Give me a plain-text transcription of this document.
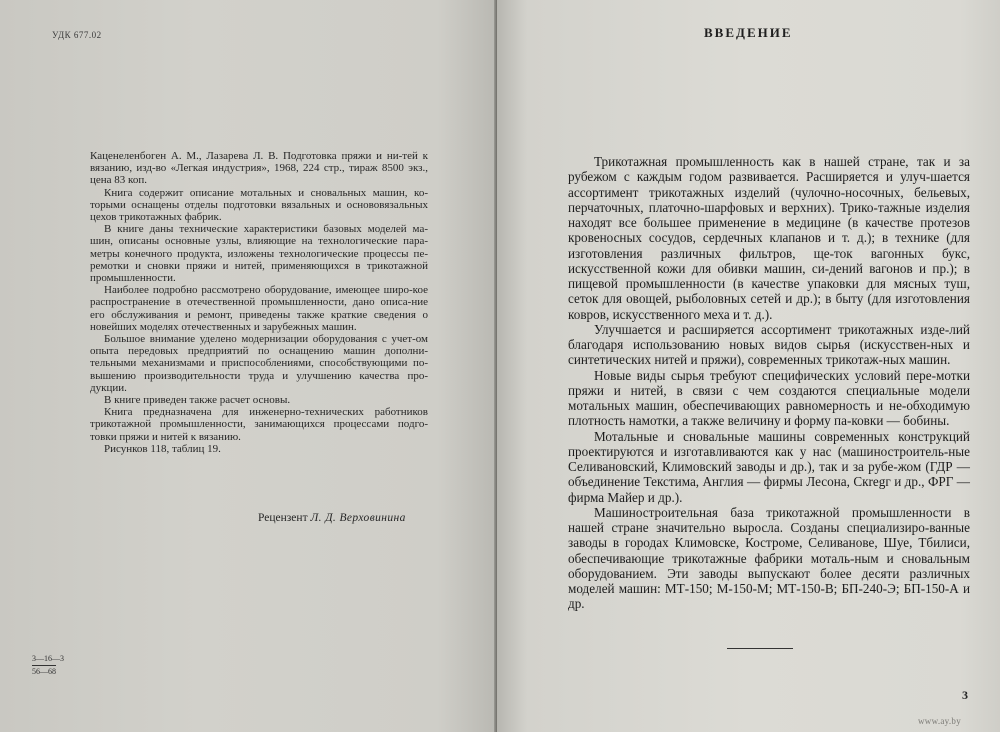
УДК 677.02

Каценеленбоген А. М., Лазарева Л. В. Подготовка пряжи и ни-тей к вязанию, изд-во «Легкая индустрия», 1968, 224 стр., тираж 8500 экз., цена 83 коп.

Книга содержит описание мотальных и сновальных машин, ко-торыми оснащены отделы подготовки вязальных и основовязальных цехов трикотажных фабрик.

В книге даны технические характеристики базовых моделей ма-шин, описаны основные узлы, влияющие на технологические пара-метры конечного продукта, изложены технологические процессы пе-ремотки и сновки пряжи и нитей, применяющихся в трикотажной промышленности.

Наиболее подробно рассмотрено оборудование, имеющее широ-кое распространение в отечественной промышленности, дано описа-ние его обслуживания и ремонт, приведены также краткие сведения о новейших моделях отечественных и зарубежных машин.

Большое внимание уделено модернизации оборудования с учет-ом опыта передовых предприятий по оснащению машин дополни-тельными механизмами и приспособлениями, способствующими по-вышению производительности труда и улучшению качества про-дукции.

В книге приведен также расчет основы.

Книга предназначена для инженерно-технических работников трикотажной промышленности, занимающихся процессами подго-товки пряжи и нитей к вязанию.

Рисунков 118, таблиц 19.

Рецензент Л. Д. Верховинина
3—16—3
56—68
ВВЕДЕНИЕ

Трикотажная промышленность как в нашей стране, так и за рубежом с каждым годом развивается. Расширяется и улуч-шается ассортимент трикотажных изделий (чулочно-носочных, бельевых, перчаточных, платочно-шарфовых и верхних). Трико-тажные изделия находят все большее применение в медицине (в качестве протезов кровеносных сосудов, сердечных клапанов и т. д.); в технике (для изготовления различных фильтров, ще-ток вагонных букс, искусственной кожи для обивки машин, си-дений вагонов и пр.); в пищевой промышленности (в качестве упаковки для мясных туш, сеток для овощей, рыболовных сетей и др.); в быту (для изготовления ковров, искусственного меха и т. д.).

Улучшается и расширяется ассортимент трикотажных изде-лий благодаря использованию новых видов сырья (искусствен-ных и синтетических нитей и пряжи), современных трикотаж-ных машин.

Новые виды сырья требуют специфических условий пере-мотки пряжи и нитей, в связи с чем создаются специальные модели мотальных машин, обеспечивающих равномерность и не-обходимую плотность намотки, а также величину и форму па-ковки — бобины.

Мотальные и сновальные машины современных конструкций проектируются и изготавливаются как у нас (машиностроитель-ные Селивановский, Климовский заводы и др.), так и за рубе-жом (ГДР — объединение Текстима, Англия — фирмы Лесона, Скregг и др., ФРГ — фирма Майер и др.).

Машиностроительная база трикотажной промышленности в нашей стране значительно выросла. Созданы специализиро-ванные заводы в городах Климовске, Костроме, Селиванове, Шуе, Тбилиси, обеспечивающие трикотажные фабрики моталь-ным и сновальным оборудованием. Эти заводы выпускают более десяти различных моделей машин: МТ-150; М-150-М; МТ-150-В; БП-240-Э; БП-150-А и др.

3
www.ay.by
